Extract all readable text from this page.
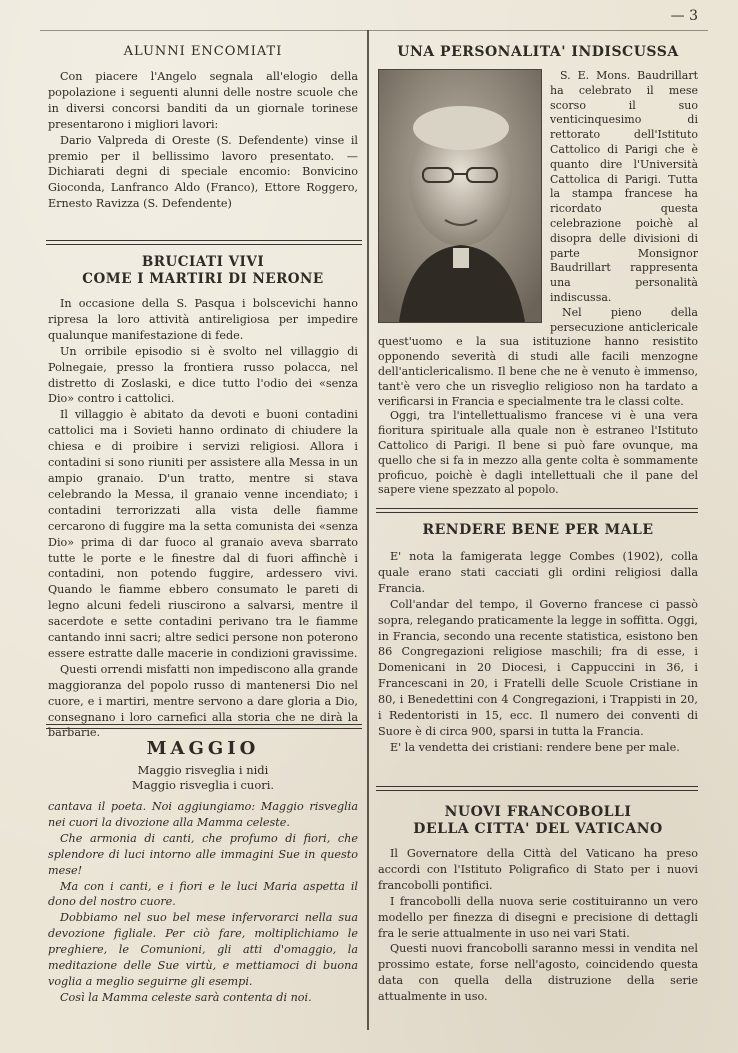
— 3
ALUNNI ENCOMIATI

Con piacere l'Angelo segnala all'elogio della popolazione i seguenti alunni delle nostre scuole che in diversi concorsi banditi da un giornale torinese presentarono i migliori lavori:

Dario Valpreda di Oreste (S. Defendente) vinse il premio per il bellissimo lavoro presentato. — Dichiarati degni di speciale encomio: Bonvicino Gioconda, Lanfranco Aldo (Franco), Ettore Roggero, Ernesto Ravizza (S. Defendente)

BRUCIATI VIVI
COME I MARTIRI DI NERONE

In occasione della S. Pasqua i bolscevichi hanno ripresa la loro attività antireligiosa per impedire qualunque manifestazione di fede.

Un orribile episodio si è svolto nel villaggio di Polnegaie, presso la frontiera russo polacca, nel distretto di Zoslaski, e dice tutto l'odio dei «senza Dio» contro i cattolici.

Il villaggio è abitato da devoti e buoni contadini cattolici ma i Sovieti hanno ordinato di chiudere la chiesa e di proibire i servizi religiosi. Allora i contadini si sono riuniti per assistere alla Messa in un ampio granaio. D'un tratto, mentre si stava celebrando la Messa, il granaio venne incendiato; i contadini terrorizzati alla vista delle fiamme cercarono di fuggire ma la setta comunista dei «senza Dio» prima di dar fuoco al granaio aveva sbarrato tutte le porte e le finestre dal di fuori affinchè i contadini, non potendo fuggire, ardessero vivi. Quando le fiamme ebbero consumato le pareti di legno alcuni fedeli riuscirono a salvarsi, mentre il sacerdote e sette contadini perivano tra le fiamme cantando inni sacri; altre sedici persone non poterono essere estratte dalle macerie in condizioni gravissime.

Questi orrendi misfatti non impediscono alla grande maggioranza del popolo russo di mantenersi Dio nel cuore, e i martiri, mentre servono a dare gloria a Dio, consegnano i loro carnefici alla storia che ne dirà la barbarie.

MAGGIO
Maggio risveglia i nidi
Maggio risveglia i cuori.

cantava il poeta. Noi aggiungiamo: Maggio risveglia nei cuori la divozione alla Mamma celeste.

Che armonia di canti, che profumo di fiori, che splendore di luci intorno alle immagini Sue in questo mese!

Ma con i canti, e i fiori e le luci Maria aspetta il dono del nostro cuore.

Dobbiamo nel suo bel mese infervorarci nella sua devozione figliale. Per ciò fare, moltiplichiamo le preghiere, le Comunioni, gli atti d'omaggio, la meditazione delle Sue virtù, e mettiamoci di buona voglia a meglio seguirne gli esempi.

Così la Mamma celeste sarà contenta di noi.

UNA PERSONALITA' INDISCUSSA

S. E. Mons. Baudrillart ha celebrato il mese scorso il suo venticinquesimo di rettorato dell'Istituto Cattolico di Parigi che è quanto dire l'Università Cattolica di Parigi. Tutta la stampa francese ha ricordato questa celebrazione poichè al disopra delle divisioni di parte Monsignor Baudrillart rappresenta una personalità indiscussa.

Nel pieno della persecuzione anticlericale quest'uomo e la sua istituzione hanno resistito opponendo severità di studi alle facili menzogne dell'anticlericalismo. Il bene che ne è venuto è immenso, tant'è vero che un risveglio religioso non ha tardato a verificarsi in Francia e specialmente tra le classi colte.

Oggi, tra l'intellettualismo francese vi è una vera fioritura spirituale alla quale non è estraneo l'Istituto Cattolico di Parigi. Il bene si può fare ovunque, ma quello che si fa in mezzo alla gente colta è sommamente proficuo, poichè è dagli intellettuali che il pane del sapere viene spezzato al popolo.

RENDERE BENE PER MALE

E' nota la famigerata legge Combes (1902), colla quale erano stati cacciati gli ordini religiosi dalla Francia.

Coll'andar del tempo, il Governo francese ci passò sopra, relegando praticamente la legge in soffitta. Oggi, in Francia, secondo una recente statistica, esistono ben 86 Congregazioni religiose maschili; fra di esse, i Domenicani in 20 Diocesi, i Cappuccini in 36, i Francescani in 20, i Fratelli delle Scuole Cristiane in 80, i Benedettini con 4 Congregazioni, i Trappisti in 20, i Redentoristi in 15, ecc. Il numero dei conventi di Suore è di circa 900, sparsi in tutta la Francia.

E' la vendetta dei cristiani: rendere bene per male.

NUOVI FRANCOBOLLI
DELLA CITTA' DEL VATICANO

Il Governatore della Città del Vaticano ha preso accordi con l'Istituto Poligrafico di Stato per i nuovi francobolli pontifici.

I francobolli della nuova serie costituiranno un vero modello per finezza di disegni e precisione di dettagli fra le serie attualmente in uso nei vari Stati.

Questi nuovi francobolli saranno messi in vendita nel prossimo estate, forse nell'agosto, coincidendo questa data con quella della distruzione della serie attualmente in uso.
